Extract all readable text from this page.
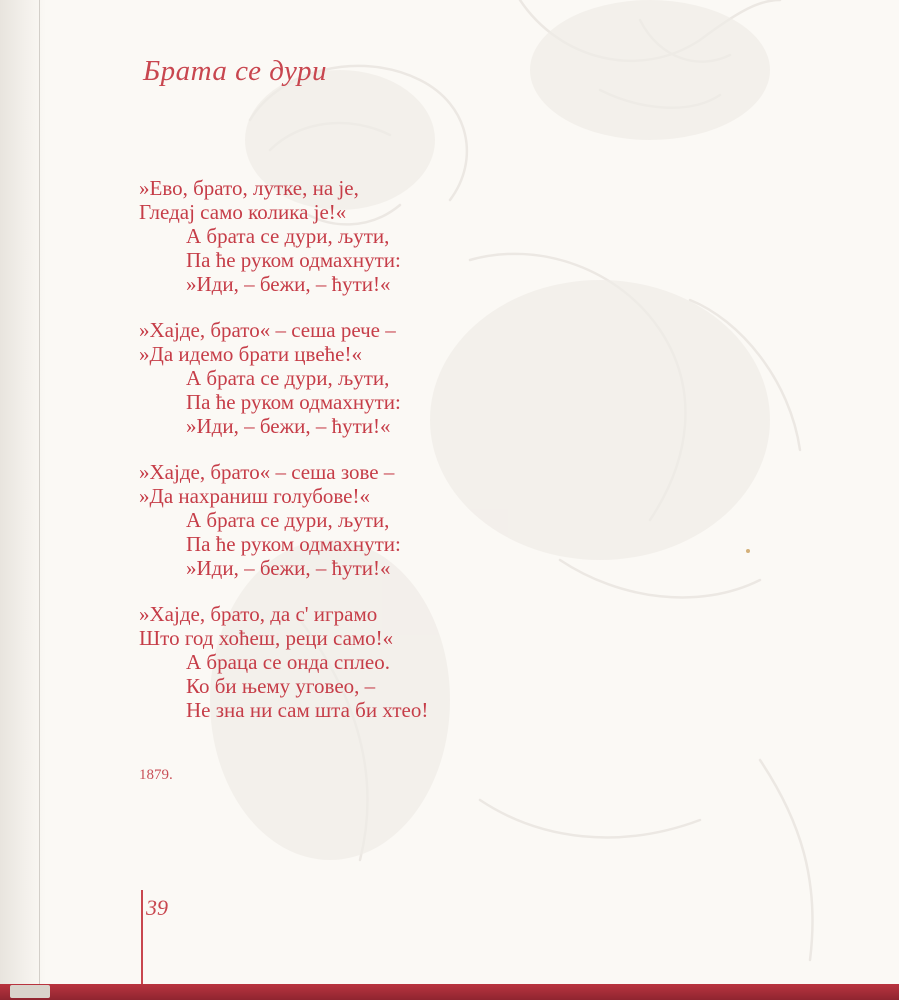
Брата се дури
»Ево, брато, лутке, на је,
Гледај само колика је!«
А брата се дури, љути,
Па ће руком одмахнути:
»Иди, – бежи, – ћути!«
»Хајде, брато« – сеша рече –
»Да идемо брати цвеће!«
А брата се дури, љути,
Па ће руком одмахнути:
»Иди, – бежи, – ћути!«
»Хајде, брато« – сеша зове –
»Да нахраниш голубове!«
А брата се дури, љути,
Па ће руком одмахнути:
»Иди, – бежи, – ћути!«
»Хајде, брато, да с' играмо
Што год хоћеш, реци само!«
А браца се онда сплео.
Ко би њему уговео, –
Не зна ни сам шта би хтео!
1879.
39
